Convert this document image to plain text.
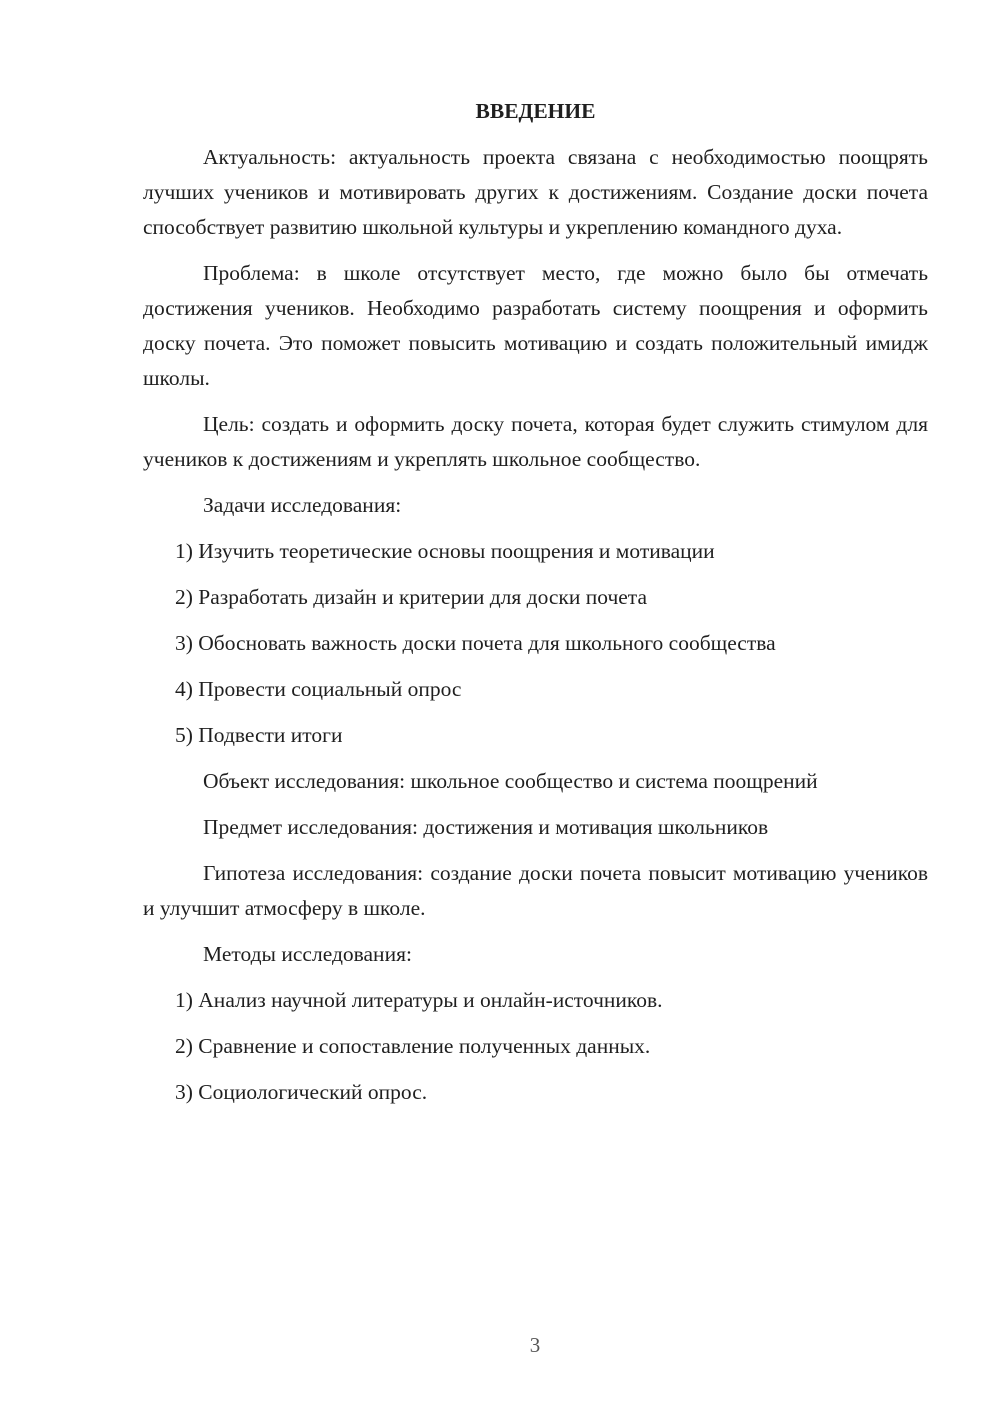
ВВЕДЕНИЕ
Актуальность: актуальность проекта связана с необходимостью поощрять лучших учеников и мотивировать других к достижениям. Создание доски почета способствует развитию школьной культуры и укреплению командного духа.
Проблема: в школе отсутствует место, где можно было бы отмечать достижения учеников. Необходимо разработать систему поощрения и оформить доску почета. Это поможет повысить мотивацию и создать положительный имидж школы.
Цель: создать и оформить доску почета, которая будет служить стимулом для учеников к достижениям и укреплять школьное сообщество.
Задачи исследования:
1) Изучить теоретические основы поощрения и мотивации
2) Разработать дизайн и критерии для доски почета
3) Обосновать важность доски почета для школьного сообщества
4) Провести социальный опрос
5) Подвести итоги
Объект исследования: школьное сообщество и система поощрений
Предмет исследования: достижения и мотивация школьников
Гипотеза исследования: создание доски почета повысит мотивацию учеников и улучшит атмосферу в школе.
Методы исследования:
1) Анализ научной литературы и онлайн-источников.
2) Сравнение и сопоставление полученных данных.
3) Социологический опрос.
3
